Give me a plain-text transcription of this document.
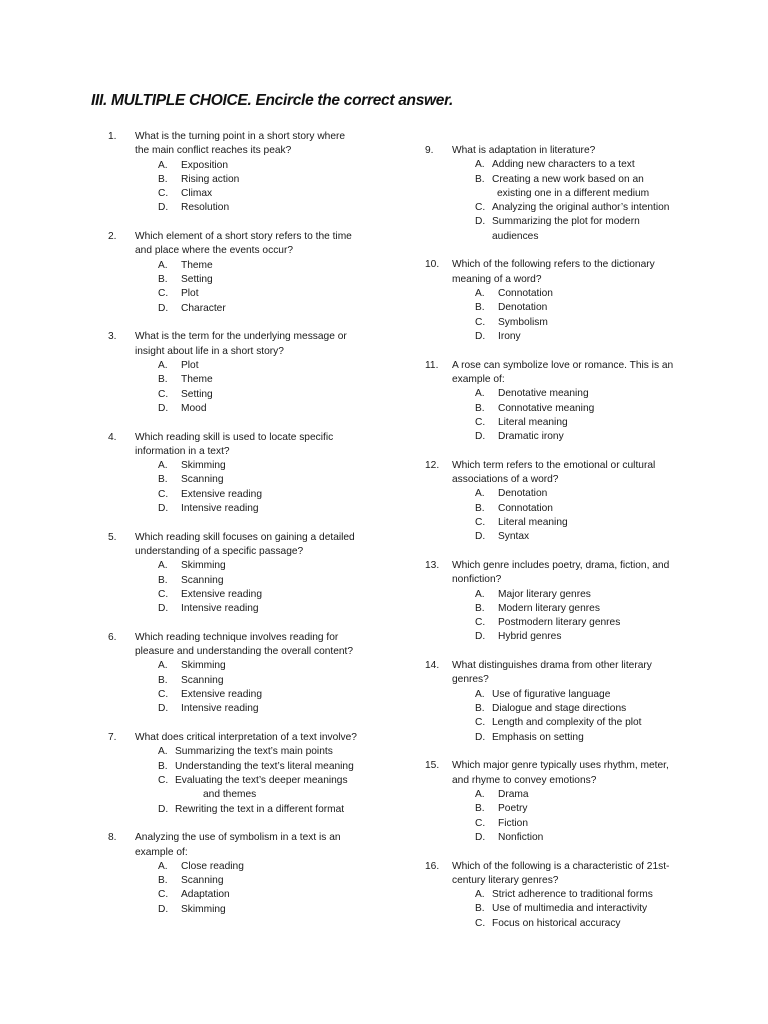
III. MULTIPLE CHOICE. Encircle the correct answer.
1.	What is the turning point in a short story where the main conflict reaches its peak?
A.	Exposition
B.	Rising action
C.	Climax
D.	Resolution
2.	Which element of a short story refers to the time and place where the events occur?
A.	Theme
B.	Setting
C.	Plot
D.	Character
3.	What is the term for the underlying message or insight about life in a short story?
A.	Plot
B.	Theme
C.	Setting
D.	Mood
4.	Which reading skill is used to locate specific information in a text?
A.	Skimming
B.	Scanning
C.	Extensive reading
D.	Intensive reading
5.	Which reading skill focuses on gaining a detailed understanding of a specific passage?
A.	Skimming
B.	Scanning
C.	Extensive reading
D.	Intensive reading
6.	Which reading technique involves reading for pleasure and understanding the overall content?
A.	Skimming
B.	Scanning
C.	Extensive reading
D.	Intensive reading
7.	What does critical interpretation of a text involve?
A. Summarizing the text’s main points
B. Understanding the text’s literal meaning
C. Evaluating the text’s deeper meanings
and themes
D. Rewriting the text in a different format
8.	Analyzing the use of symbolism in a text is an example of:
A.	Close reading
B.	Scanning
C.	Adaptation
D.	Skimming
9.	What is adaptation in literature?
A. Adding new characters to a text
B. Creating a new work based on an
existing one in a different medium
C. Analyzing the original author’s intention
D. Summarizing the plot for modern
audiences
10.	Which of the following refers to the dictionary meaning of a word?
A.	Connotation
B.	Denotation
C.	Symbolism
D.	Irony
11.	A rose can symbolize love or romance. This is an example of:
A.	Denotative meaning
B.	Connotative meaning
C.	Literal meaning
D.	Dramatic irony
12.	Which term refers to the emotional or cultural associations of a word?
A.	Denotation
B.	Connotation
C.	Literal meaning
D.	Syntax
13.	Which genre includes poetry, drama, fiction, and nonfiction?
A.	Major literary genres
B.	Modern literary genres
C.	Postmodern literary genres
D.	Hybrid genres
14.	What distinguishes drama from other literary genres?
A. Use of figurative language
B. Dialogue and stage directions
C. Length and complexity of the plot
D. Emphasis on setting
15.	Which major genre typically uses rhythm, meter, and rhyme to convey emotions?
A.	Drama
B.	Poetry
C.	Fiction
D.	Nonfiction
16.	Which of the following is a characteristic of 21st-century literary genres?
A. Strict adherence to traditional forms
B. Use of multimedia and interactivity
C. Focus on historical accuracy
